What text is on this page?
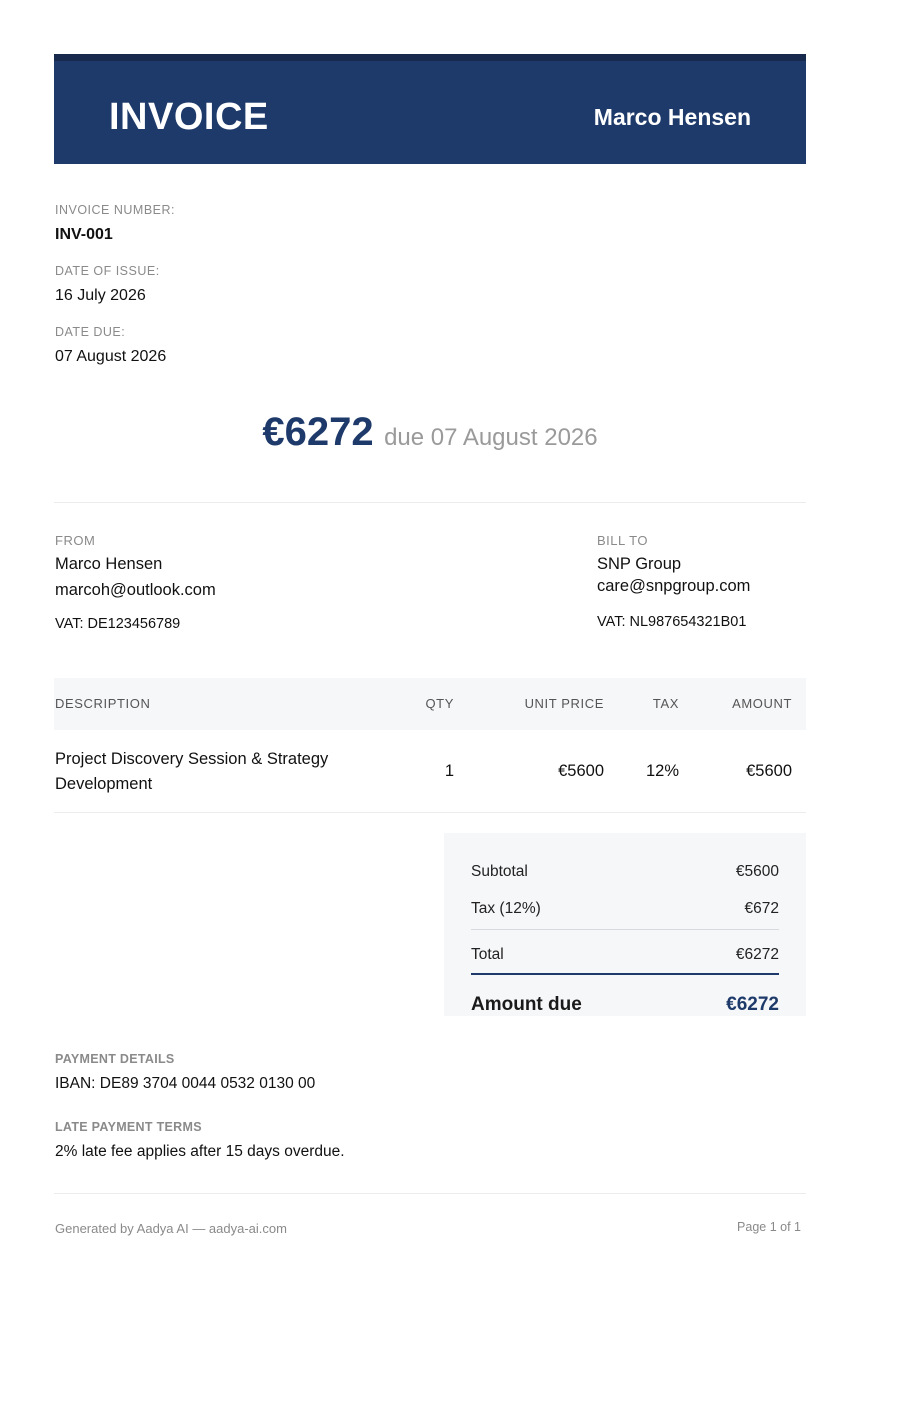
INVOICE	Marco Hensen
INVOICE NUMBER:
INV-001
DATE OF ISSUE:
16 July 2026
DATE DUE:
07 August 2026
€6272 due 07 August 2026
FROM
Marco Hensen
marcoh@outlook.com
VAT: DE123456789
BILL TO
SNP Group
care@snpgroup.com
VAT: NL987654321B01
DESCRIPTION	QTY	UNIT PRICE	TAX	AMOUNT
Project Discovery Session & Strategy
Development
1	€5600	12%	€5600
Subtotal	€5600
Tax (12%)	€672
Total	€6272
Amount due	€6272
PAYMENT DETAILS
IBAN: DE89 3704 0044 0532 0130 00
LATE PAYMENT TERMS
2% late fee applies after 15 days overdue.
Generated by Aadya AI — aadya-ai.com	Page 1 of 1
